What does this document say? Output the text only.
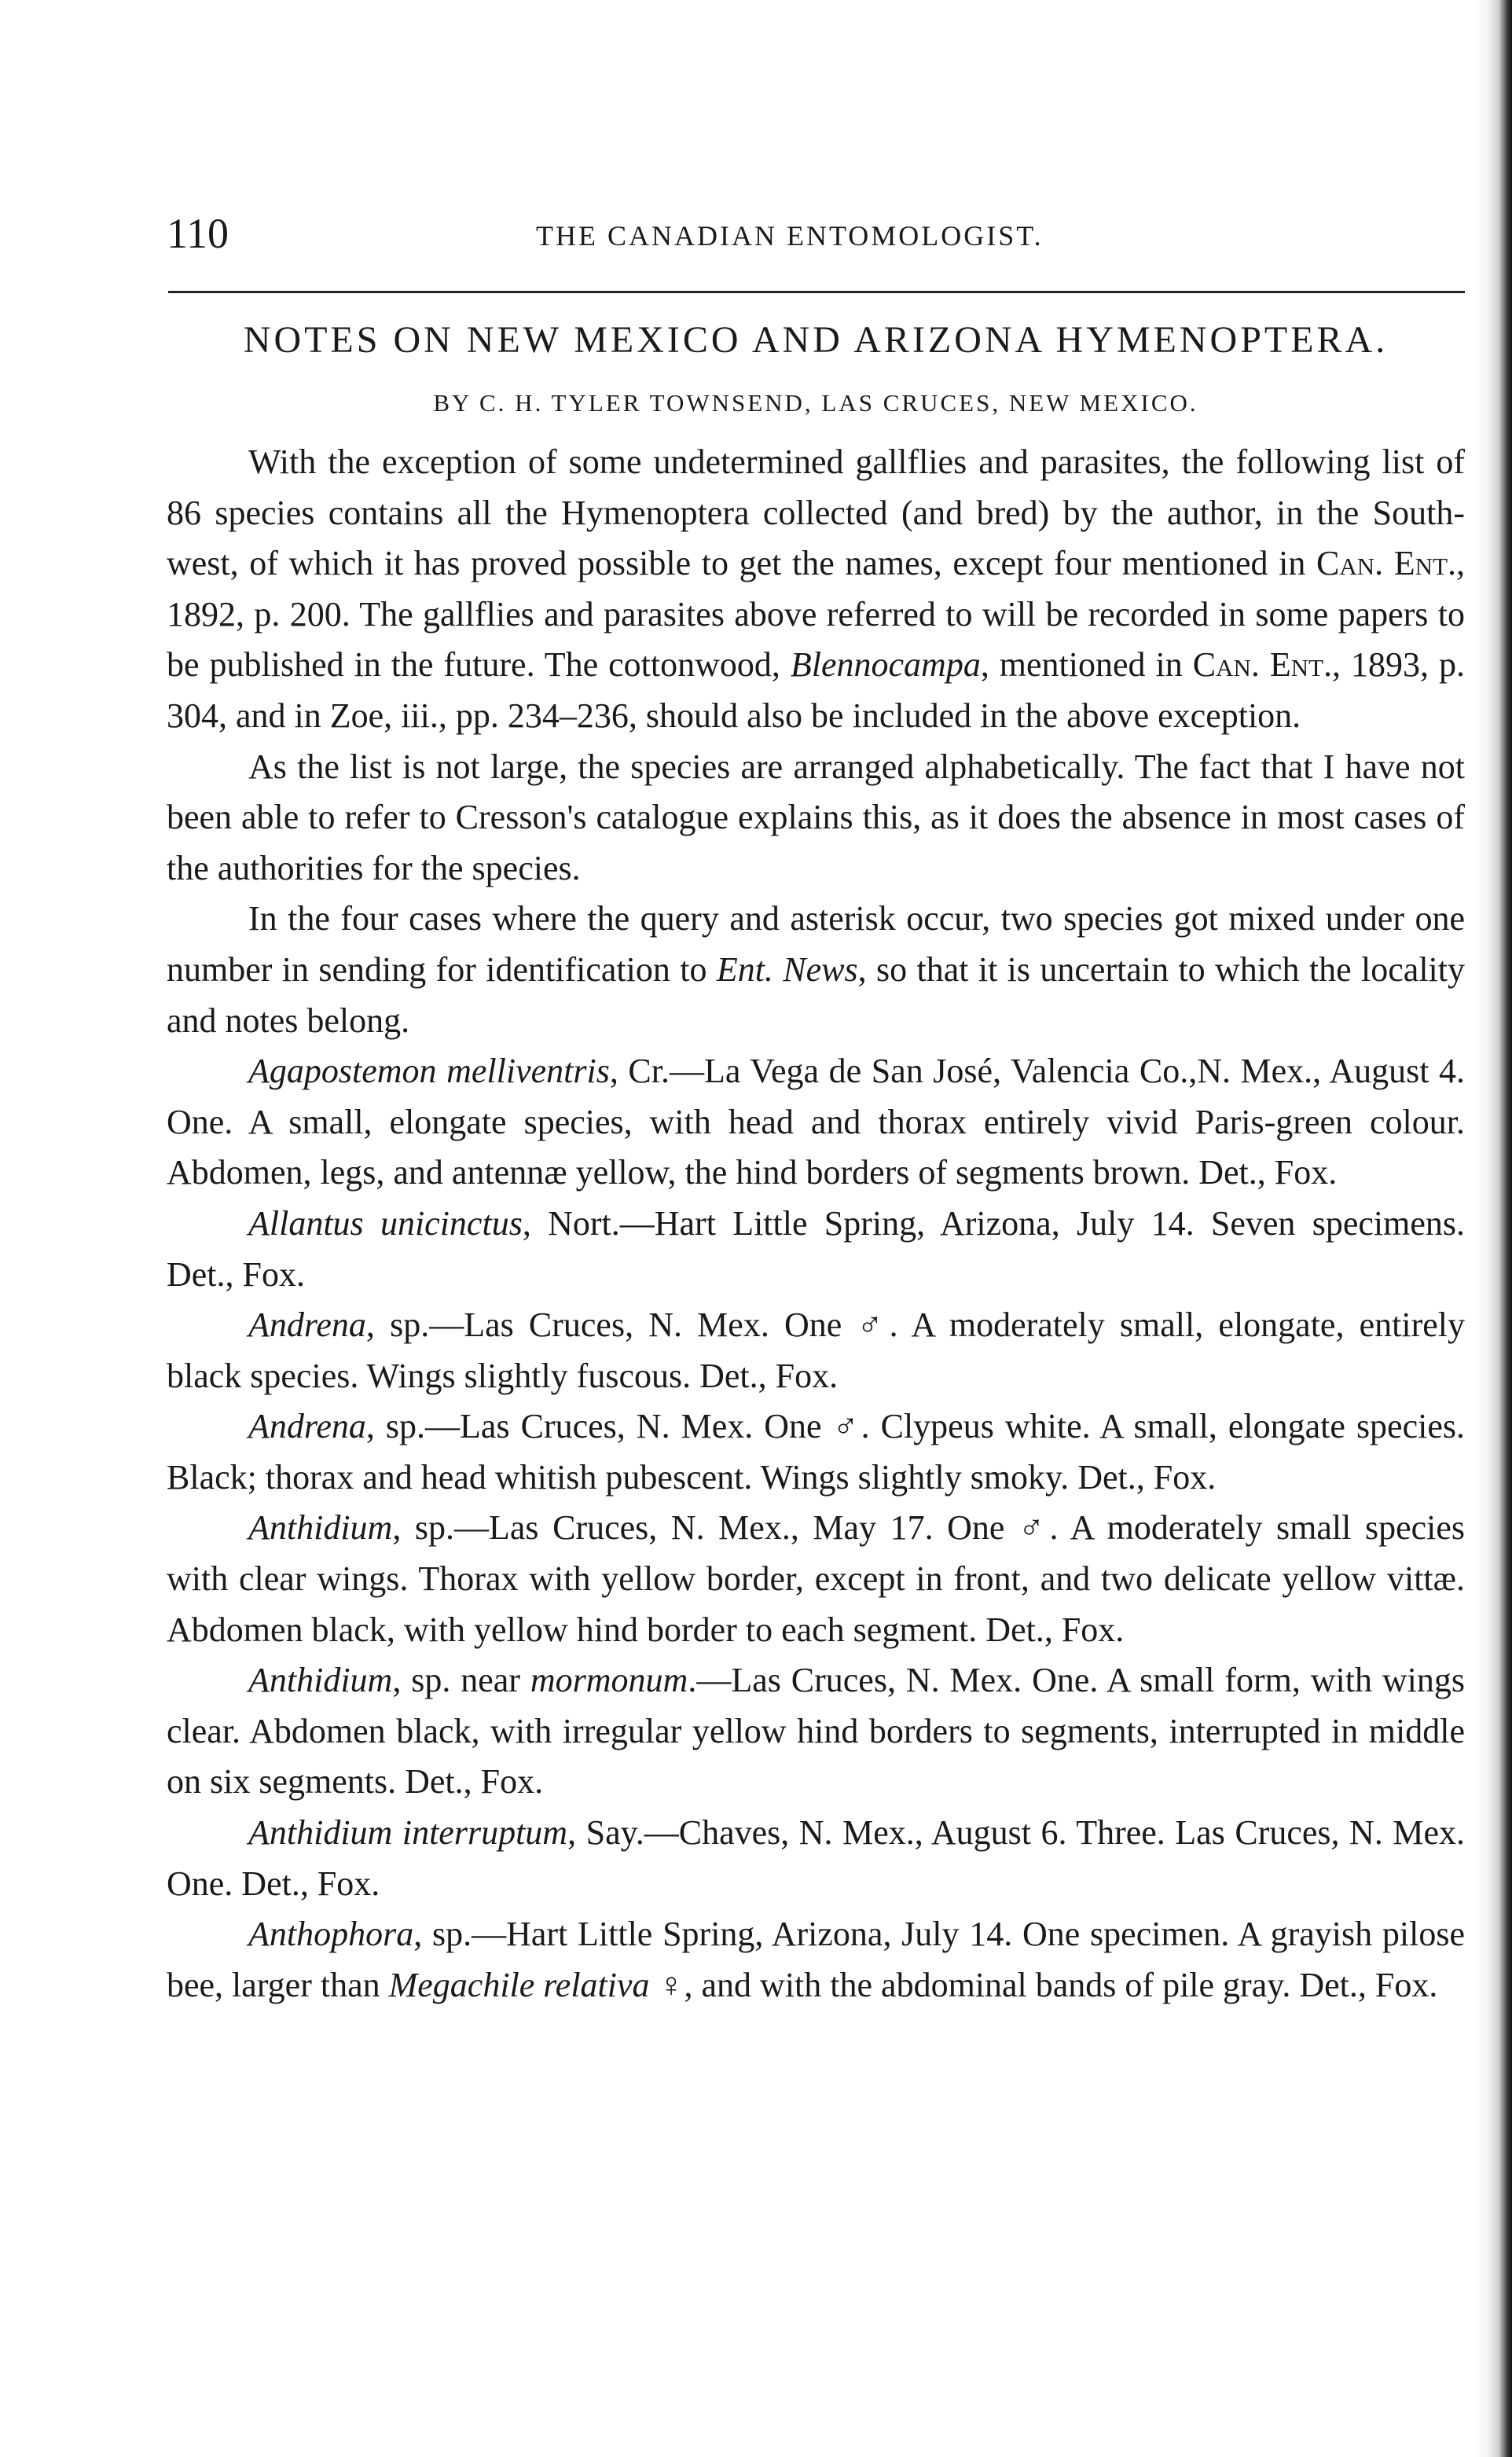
110	THE CANADIAN ENTOMOLOGIST.
NOTES ON NEW MEXICO AND ARIZONA HYMENOPTERA.
BY C. H. TYLER TOWNSEND, LAS CRUCES, NEW MEXICO.

With the exception of some undetermined gallflies and parasites, the following list of 86 species contains all the Hymenoptera collected (and bred) by the author, in the South-west, of which it has proved possible to get the names, except four mentioned in Can. Ent., 1892, p. 200. The gallflies and parasites above referred to will be recorded in some papers to be published in the future. The cottonwood, Blennocampa, mentioned in Can. Ent., 1893, p. 304, and in Zoe, iii., pp. 234–236, should also be included in the above exception.

As the list is not large, the species are arranged alphabetically. The fact that I have not been able to refer to Cresson's catalogue explains this, as it does the absence in most cases of the authorities for the species.

In the four cases where the query and asterisk occur, two species got mixed under one number in sending for identification to Ent. News, so that it is uncertain to which the locality and notes belong.

Agapostemon melliventris, Cr.—La Vega de San José, Valencia Co.,N. Mex., August 4. One. A small, elongate species, with head and thorax entirely vivid Paris-green colour. Abdomen, legs, and antennæ yellow, the hind borders of segments brown. Det., Fox.

Allantus unicinctus, Nort.—Hart Little Spring, Arizona, July 14. Seven specimens. Det., Fox.

Andrena, sp.—Las Cruces, N. Mex. One ♂. A moderately small, elongate, entirely black species. Wings slightly fuscous. Det., Fox.

Andrena, sp.—Las Cruces, N. Mex. One ♂. Clypeus white. A small, elongate species. Black; thorax and head whitish pubescent. Wings slightly smoky. Det., Fox.

Anthidium, sp.—Las Cruces, N. Mex., May 17. One ♂. A moderately small species with clear wings. Thorax with yellow border, except in front, and two delicate yellow vittæ. Abdomen black, with yellow hind border to each segment. Det., Fox.

Anthidium, sp. near mormonum.—Las Cruces, N. Mex. One. A small form, with wings clear. Abdomen black, with irregular yellow hind borders to segments, interrupted in middle on six segments. Det., Fox.

Anthidium interruptum, Say.—Chaves, N. Mex., August 6. Three. Las Cruces, N. Mex. One. Det., Fox.

Anthophora, sp.—Hart Little Spring, Arizona, July 14. One specimen. A grayish pilose bee, larger than Megachile relativa ♀, and with the abdominal bands of pile gray. Det., Fox.
